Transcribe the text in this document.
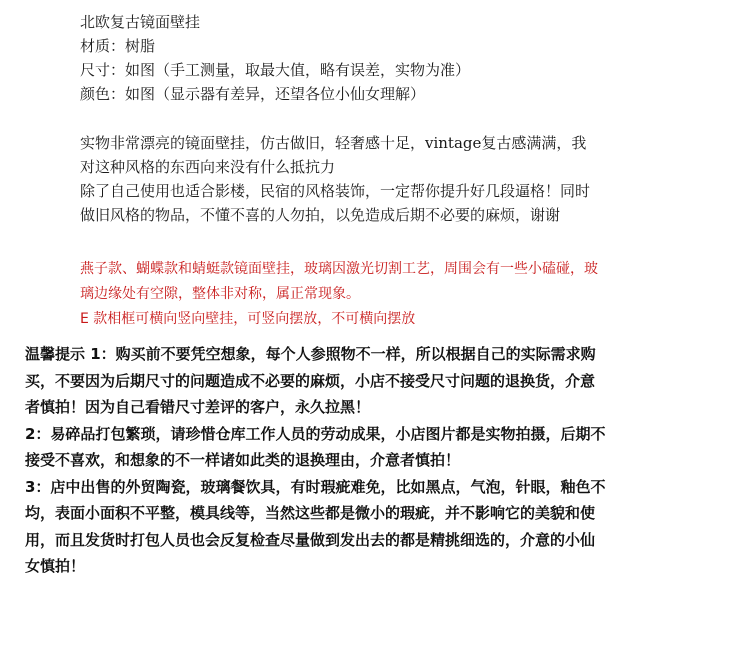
北欧复古镜面壁挂
材质：树脂
尺寸：如图（手工测量，取最大值，略有误差，实物为准）
颜色：如图（显示器有差异，还望各位小仙女理解）
实物非常漂亮的镜面壁挂，仿古做旧，轻奢感十足，vintage复古感满满，我
对这种风格的东西向来没有什么抵抗力
除了自己使用也适合影楼，民宿的风格装饰，一定帮你提升好几段逼格！同时
做旧风格的物品，不懂不喜的人勿拍，以免造成后期不必要的麻烦，谢谢
燕子款、蝴蝶款和蜻蜓款镜面壁挂，玻璃因激光切割工艺，周围会有一些小磕碰，玻
璃边缘处有空隙，整体非对称，属正常现象。
E 款相框可横向竖向壁挂，可竖向摆放，不可横向摆放
温馨提示 1：购买前不要凭空想象，每个人参照物不一样，所以根据自己的实际需求购
买，不要因为后期尺寸的问题造成不必要的麻烦，小店不接受尺寸问题的退换货，介意
者慎拍！因为自己看错尺寸差评的客户，永久拉黑！
2：易碎品打包繁琐，请珍惜仓库工作人员的劳动成果，小店图片都是实物拍摄，后期不
接受不喜欢，和想象的不一样诸如此类的退换理由，介意者慎拍！
3：店中出售的外贸陶瓷，玻璃餐饮具，有时瑕疵难免，比如黑点，气泡，针眼，釉色不
均，表面小面积不平整，模具线等，当然这些都是微小的瑕疵，并不影响它的美貌和使
用，而且发货时打包人员也会反复检查尽量做到发出去的都是精挑细选的，介意的小仙
女慎拍！
